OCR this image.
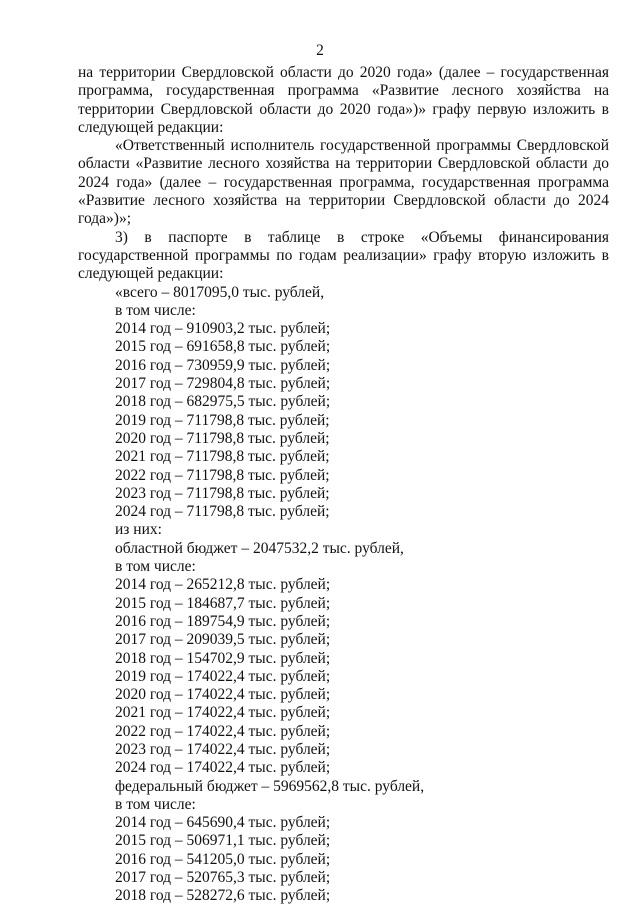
2

на территории Свердловской области до 2020 года» (далее – государственная программа, государственная программа «Развитие лесного хозяйства на территории Свердловской области до 2020 года»)» графу первую изложить в следующей редакции:

«Ответственный исполнитель государственной программы Свердловской области «Развитие лесного хозяйства на территории Свердловской области до 2024 года» (далее – государственная программа, государственная программа «Развитие лесного хозяйства на территории Свердловской области до 2024 года»)»;

3) в паспорте в таблице в строке «Объемы финансирования государственной программы по годам реализации» графу вторую изложить в следующей редакции:

«всего – 8017095,0 тыс. рублей,
в том числе:
2014 год – 910903,2 тыс. рублей;
2015 год – 691658,8 тыс. рублей;
2016 год – 730959,9 тыс. рублей;
2017 год – 729804,8 тыс. рублей;
2018 год – 682975,5 тыс. рублей;
2019 год – 711798,8 тыс. рублей;
2020 год – 711798,8 тыс. рублей;
2021 год – 711798,8 тыс. рублей;
2022 год – 711798,8 тыс. рублей;
2023 год – 711798,8 тыс. рублей;
2024 год – 711798,8 тыс. рублей;
из них:
областной бюджет – 2047532,2 тыс. рублей,
в том числе:
2014 год – 265212,8 тыс. рублей;
2015 год – 184687,7 тыс. рублей;
2016 год – 189754,9 тыс. рублей;
2017 год – 209039,5 тыс. рублей;
2018 год – 154702,9 тыс. рублей;
2019 год – 174022,4 тыс. рублей;
2020 год – 174022,4 тыс. рублей;
2021 год – 174022,4 тыс. рублей;
2022 год – 174022,4 тыс. рублей;
2023 год – 174022,4 тыс. рублей;
2024 год – 174022,4 тыс. рублей;
федеральный бюджет – 5969562,8 тыс. рублей,
в том числе:
2014 год – 645690,4 тыс. рублей;
2015 год – 506971,1 тыс. рублей;
2016 год – 541205,0 тыс. рублей;
2017 год – 520765,3 тыс. рублей;
2018 год – 528272,6 тыс. рублей;
